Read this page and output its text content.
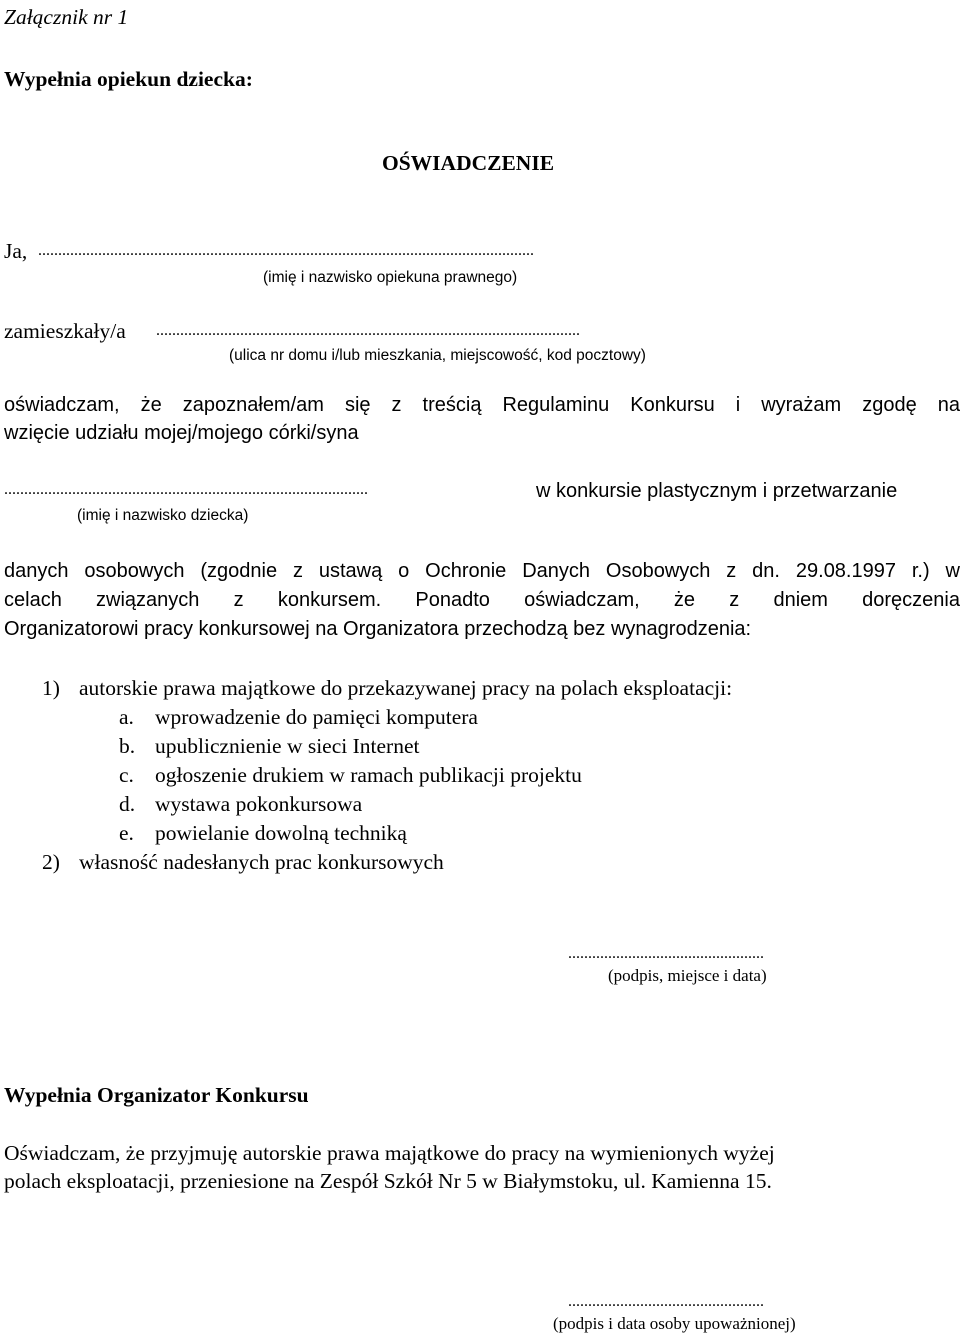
Załącznik nr 1
Wypełnia opiekun dziecka:
OŚWIADCZENIE
Ja, ............................................................................................................................
(imię i nazwisko opiekuna prawnego)
zamieszkały/a ..........................................................................................................
(ulica nr domu i/lub mieszkania, miejscowość, kod pocztowy)
oświadczam, że zapoznałem/am się z treścią Regulaminu Konkursu i wyrażam zgodę na
wzięcie udziału mojej/mojego córki/syna
...........................................................................................	w konkursie plastycznym i przetwarzanie
(imię i nazwisko dziecka)
danych osobowych (zgodnie z ustawą o Ochronie Danych Osobowych z dn. 29.08.1997 r.) w
celach związanych z konkursem. Ponadto oświadczam, że z dniem doręczenia
Organizatorowi pracy konkursowej na Organizatora przechodzą bez wynagrodzenia:
1) autorskie prawa majątkowe do przekazywanej pracy na polach eksploatacji:
a. wprowadzenie do pamięci komputera
b. upublicznienie w sieci Internet
c. ogłoszenie drukiem w ramach publikacji projektu
d. wystawa pokonkursowa
e. powielanie dowolną techniką
2) własność nadesłanych prac konkursowych
.................................................
(podpis, miejsce i data)
Wypełnia Organizator Konkursu
Oświadczam, że przyjmuję autorskie prawa majątkowe do pracy na wymienionych wyżej
polach eksploatacji, przeniesione na Zespół Szkół Nr 5 w Białymstoku, ul. Kamienna 15.
.................................................
(podpis i data osoby upoważnionej)
